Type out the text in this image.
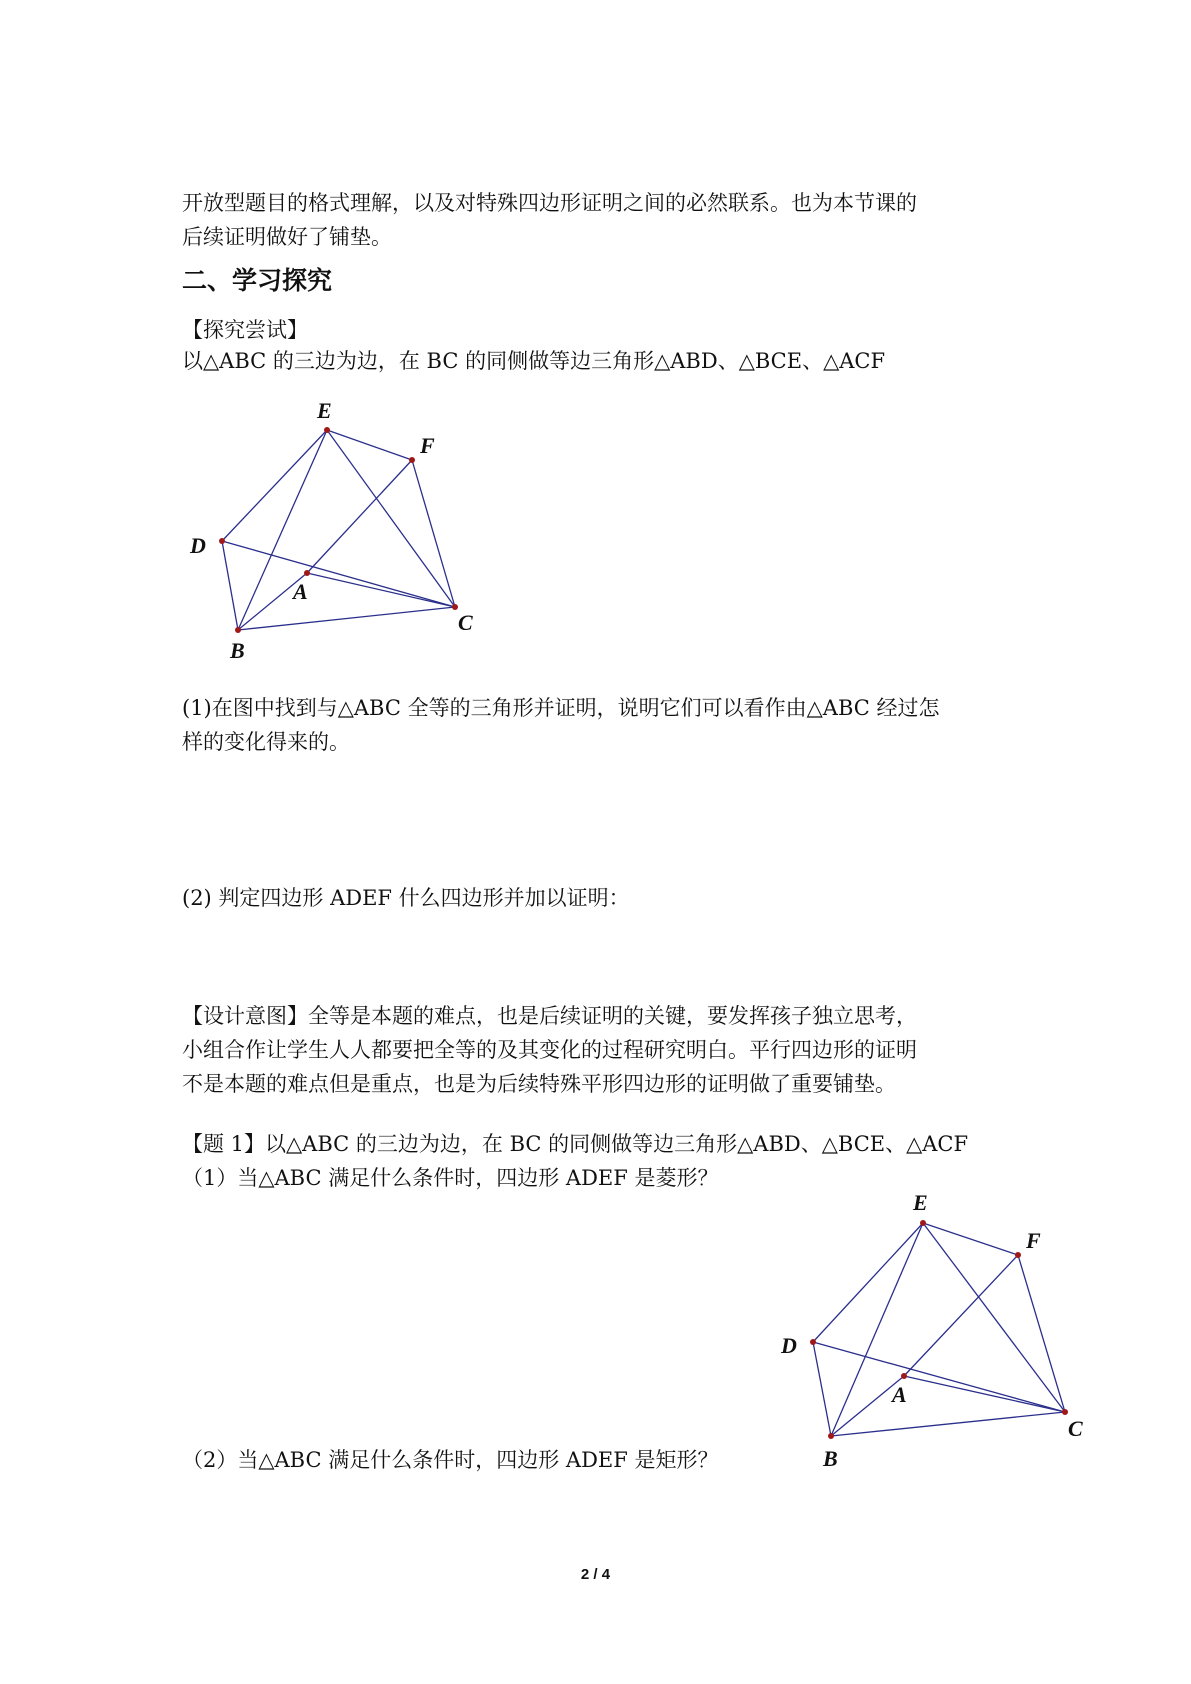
开放型题目的格式理解，以及对特殊四边形证明之间的必然联系。也为本节课的
后续证明做好了铺垫。
二、学习探究
【探究尝试】
以△ABC 的三边为边，在 BC 的同侧做等边三角形△ABD、△BCE、△ACF
E
F
D
A
B
C
(1)在图中找到与△ABC 全等的三角形并证明，说明它们可以看作由△ABC 经过怎
样的变化得来的。
(2) 判定四边形 ADEF 什么四边形并加以证明：
【设计意图】全等是本题的难点，也是后续证明的关键，要发挥孩子独立思考，
小组合作让学生人人都要把全等的及其变化的过程研究明白。平行四边形的证明
不是本题的难点但是重点，也是为后续特殊平形四边形的证明做了重要铺垫。
【题 1】以△ABC 的三边为边，在 BC 的同侧做等边三角形△ABD、△BCE、△ACF
（1）当△ABC 满足什么条件时，四边形 ADEF 是菱形？
E
F
D
A
B
C
（2）当△ABC 满足什么条件时，四边形 ADEF 是矩形？
2 / 4
